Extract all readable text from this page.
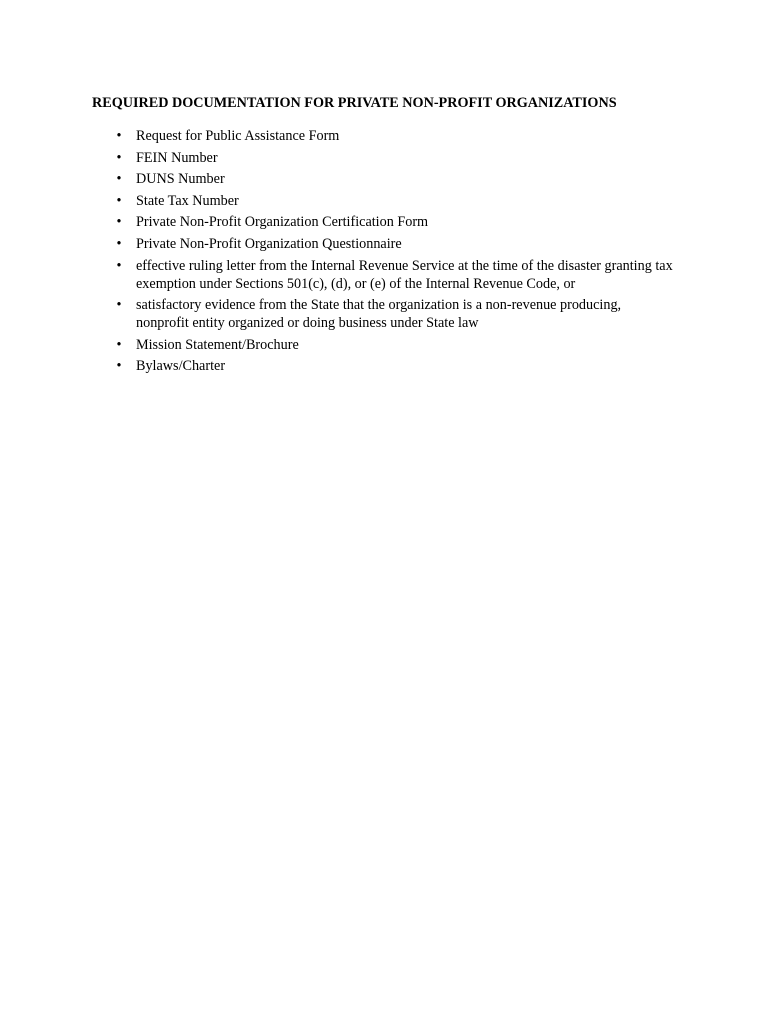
REQUIRED DOCUMENTATION FOR PRIVATE NON-PROFIT ORGANIZATIONS
• Request for Public Assistance Form
• FEIN Number
• DUNS Number
• State Tax Number
• Private Non-Profit Organization Certification Form
• Private Non-Profit Organization Questionnaire
• effective ruling letter from the Internal Revenue Service at the time of the disaster granting tax exemption under Sections 501(c), (d), or (e) of the Internal Revenue Code, or
• satisfactory evidence from the State that the organization is a non-revenue producing, nonprofit entity organized or doing business under State law
• Mission Statement/Brochure
• Bylaws/Charter
